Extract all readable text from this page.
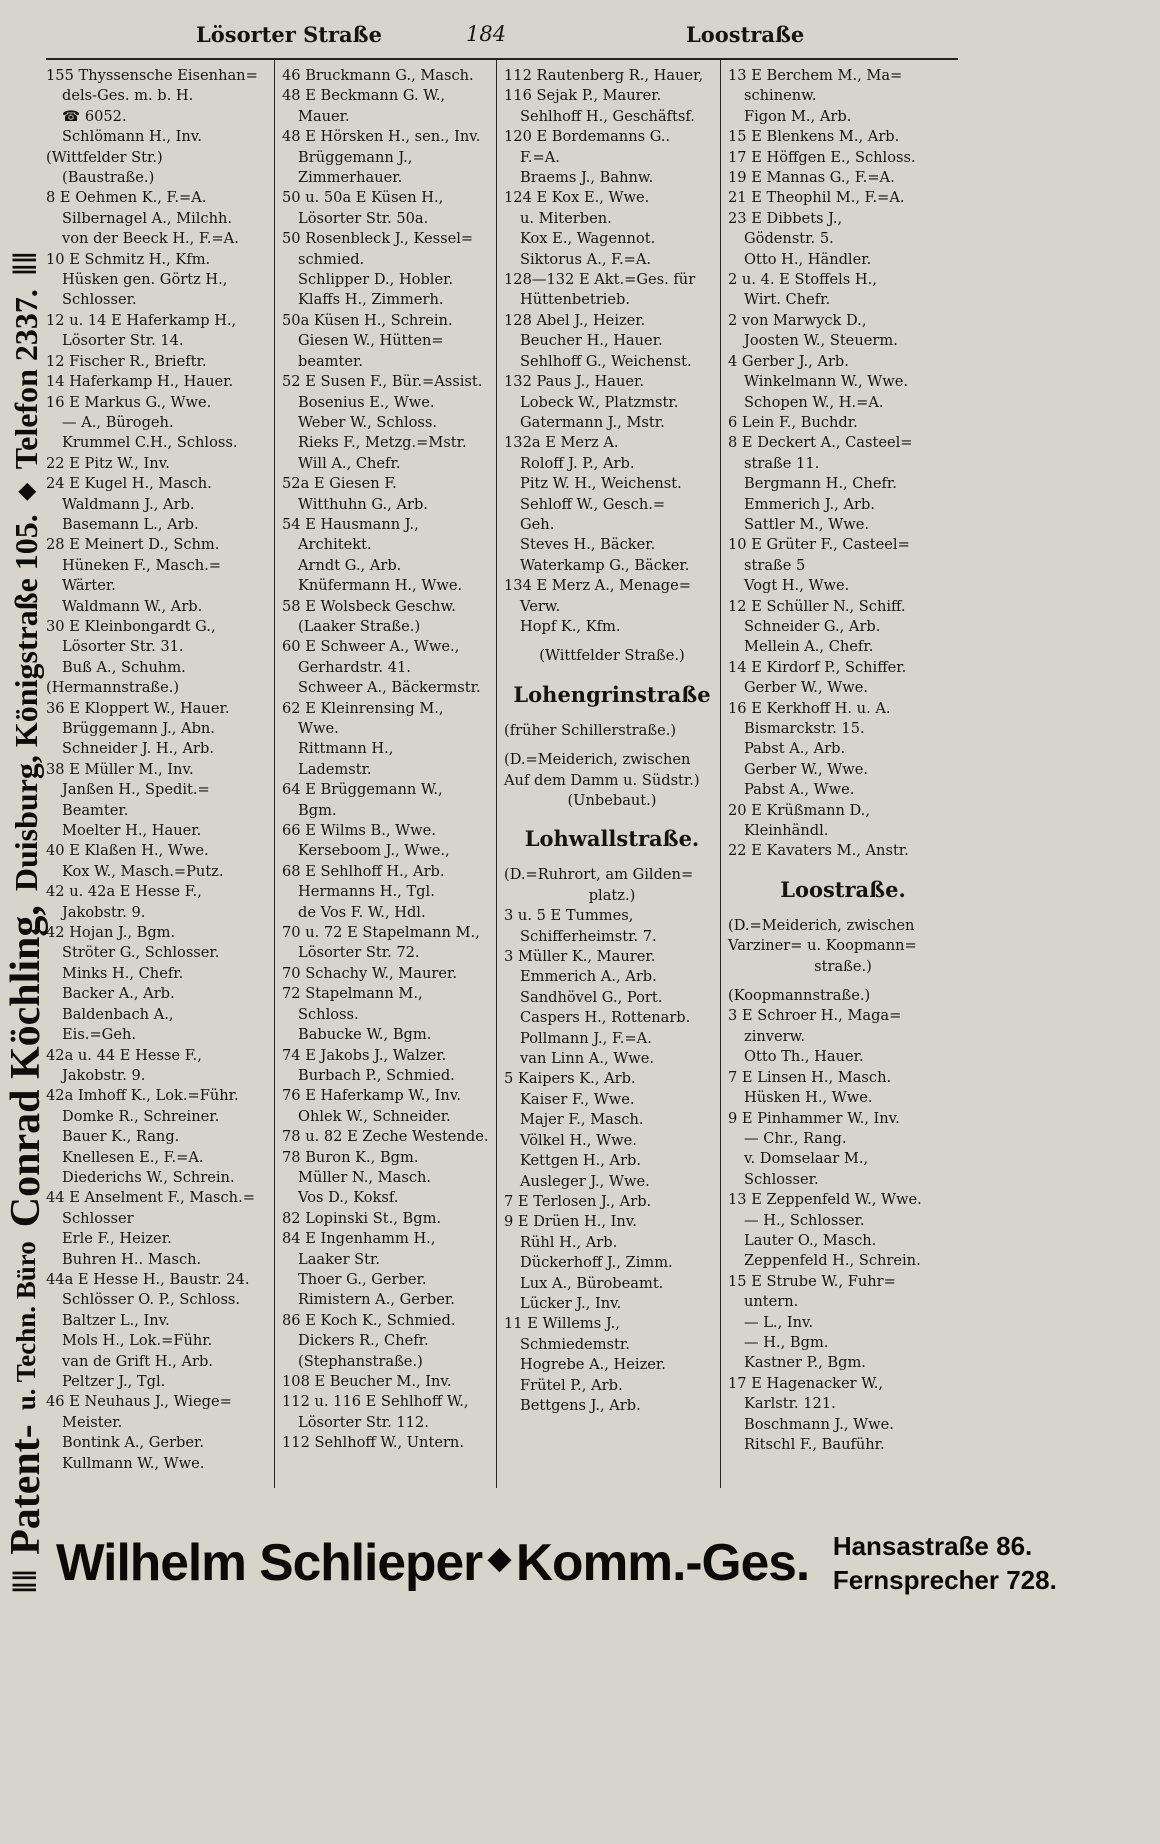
‖‖
Patent-
u. Techn. Büro
Conrad Köchling,
Duisburg, Königstraße 105.
◆
Telefon 2337.
‖‖
Lösorter Straße	184	Loostraße
155 Thyssensche Eisenhan=
dels-Ges. m. b. H.
☎ 6052.
Schlömann H., Inv.
(Wittfelder Str.)
(Baustraße.)
8 E Oehmen K., F.=A.
Silbernagel A., Milchh.
von der Beeck H., F.=A.
10 E Schmitz H., Kfm.
Hüsken gen. Görtz H.,
Schlosser.
12 u. 14 E Haferkamp H.,
Lösorter Str. 14.
12 Fischer R., Brieftr.
14 Haferkamp H., Hauer.
16 E Markus G., Wwe.
— A., Bürogeh.
Krummel C.H., Schloss.
22 E Pitz W., Inv.
24 E Kugel H., Masch.
Waldmann J., Arb.
Basemann L., Arb.
28 E Meinert D., Schm.
Hüneken F., Masch.=
Wärter.
Waldmann W., Arb.
30 E Kleinbongardt G.,
Lösorter Str. 31.
Buß A., Schuhm.
(Hermannstraße.)
36 E Kloppert W., Hauer.
Brüggemann J., Abn.
Schneider J. H., Arb.
38 E Müller M., Inv.
Janßen H., Spedit.=
Beamter.
Moelter H., Hauer.
40 E Klaßen H., Wwe.
Kox W., Masch.=Putz.
42 u. 42a E Hesse F.,
Jakobstr. 9.
42 Hojan J., Bgm.
Ströter G., Schlosser.
Minks H., Chefr.
Backer A., Arb.
Baldenbach A.,
Eis.=Geh.
42a u. 44 E Hesse F.,
Jakobstr. 9.
42a Imhoff K., Lok.=Führ.
Domke R., Schreiner.
Bauer K., Rang.
Knellesen E., F.=A.
Diederichs W., Schrein.
44 E Anselment F., Masch.=
Schlosser
Erle F., Heizer.
Buhren H.. Masch.
44a E Hesse H., Baustr. 24.
Schlösser O. P., Schloss.
Baltzer L., Inv.
Mols H., Lok.=Führ.
van de Grift H., Arb.
Peltzer J., Tgl.
46 E Neuhaus J., Wiege=
Meister.
Bontink A., Gerber.
Kullmann W., Wwe.
46 Bruckmann G., Masch.
48 E Beckmann G. W.,
Mauer.
48 E Hörsken H., sen., Inv.
Brüggemann J.,
Zimmerhauer.
50 u. 50a E Küsen H.,
Lösorter Str. 50a.
50 Rosenbleck J., Kessel=
schmied.
Schlipper D., Hobler.
Klaffs H., Zimmerh.
50a Küsen H., Schrein.
Giesen W., Hütten=
beamter.
52 E Susen F., Bür.=Assist.
Bosenius E., Wwe.
Weber W., Schloss.
Rieks F., Metzg.=Mstr.
Will A., Chefr.
52a E Giesen F.
Witthuhn G., Arb.
54 E Hausmann J.,
Architekt.
Arndt G., Arb.
Knüfermann H., Wwe.
58 E Wolsbeck Geschw.
(Laaker Straße.)
60 E Schweer A., Wwe.,
Gerhardstr. 41.
Schweer A., Bäckermstr.
62 E Kleinrensing M.,
Wwe.
Rittmann H.,
Lademstr.
64 E Brüggemann W.,
Bgm.
66 E Wilms B., Wwe.
Kerseboom J., Wwe.,
68 E Sehlhoff H., Arb.
Hermanns H., Tgl.
de Vos F. W., Hdl.
70 u. 72 E Stapelmann M.,
Lösorter Str. 72.
70 Schachy W., Maurer.
72 Stapelmann M.,
Schloss.
Babucke W., Bgm.
74 E Jakobs J., Walzer.
Burbach P., Schmied.
76 E Haferkamp W., Inv.
Ohlek W., Schneider.
78 u. 82 E Zeche Westende.
78 Buron K., Bgm.
Müller N., Masch.
Vos D., Koksf.
82 Lopinski St., Bgm.
84 E Ingenhamm H.,
Laaker Str.
Thoer G., Gerber.
Rimistern A., Gerber.
86 E Koch K., Schmied.
Dickers R., Chefr.
(Stephanstraße.)
108 E Beucher M., Inv.
112 u. 116 E Sehlhoff W.,
Lösorter Str. 112.
112 Sehlhoff W., Untern.
112 Rautenberg R., Hauer,
116 Sejak P., Maurer.
Sehlhoff H., Geschäftsf.
120 E Bordemanns G..
F.=A.
Braems J., Bahnw.
124 E Kox E., Wwe.
u. Miterben.
Kox E., Wagennot.
Siktorus A., F.=A.
128—132 E Akt.=Ges. für
Hüttenbetrieb.
128 Abel J., Heizer.
Beucher H., Hauer.
Sehlhoff G., Weichenst.
132 Paus J., Hauer.
Lobeck W., Platzmstr.
Gatermann J., Mstr.
132a E Merz A.
Roloff J. P., Arb.
Pitz W. H., Weichenst.
Sehloff W., Gesch.=
Geh.
Steves H., Bäcker.
Waterkamp G., Bäcker.
134 E Merz A., Menage=
Verw.
Hopf K., Kfm.
(Wittfelder Straße.)
Lohengrinstraße
(früher Schillerstraße.)
(D.=Meiderich, zwischen
Auf dem Damm u. Südstr.)
(Unbebaut.)
Lohwallstraße.
(D.=Ruhrort, am Gilden=
platz.)
3 u. 5 E Tummes,
Schifferheimstr. 7.
3 Müller K., Maurer.
Emmerich A., Arb.
Sandhövel G., Port.
Caspers H., Rottenarb.
Pollmann J., F.=A.
van Linn A., Wwe.
5 Kaipers K., Arb.
Kaiser F., Wwe.
Majer F., Masch.
Völkel H., Wwe.
Kettgen H., Arb.
Ausleger J., Wwe.
7 E Terlosen J., Arb.
9 E Drüen H., Inv.
Rühl H., Arb.
Dückerhoff J., Zimm.
Lux A., Bürobeamt.
Lücker J., Inv.
11 E Willems J.,
Schmiedemstr.
Hogrebe A., Heizer.
Frütel P., Arb.
Bettgens J., Arb.
13 E Berchem M., Ma=
schinenw.
Figon M., Arb.
15 E Blenkens M., Arb.
17 E Höffgen E., Schloss.
19 E Mannas G., F.=A.
21 E Theophil M., F.=A.
23 E Dibbets J.,
Gödenstr. 5.
Otto H., Händler.
2 u. 4. E Stoffels H.,
Wirt. Chefr.
2 von Marwyck D.,
Joosten W., Steuerm.
4 Gerber J., Arb.
Winkelmann W., Wwe.
Schopen W., H.=A.
6 Lein F., Buchdr.
8 E Deckert A., Casteel=
straße 11.
Bergmann H., Chefr.
Emmerich J., Arb.
Sattler M., Wwe.
10 E Grüter F., Casteel=
straße 5
Vogt H., Wwe.
12 E Schüller N., Schiff.
Schneider G., Arb.
Mellein A., Chefr.
14 E Kirdorf P., Schiffer.
Gerber W., Wwe.
16 E Kerkhoff H. u. A.
Bismarckstr. 15.
Pabst A., Arb.
Gerber W., Wwe.
Pabst A., Wwe.
20 E Krüßmann D.,
Kleinhändl.
22 E Kavaters M., Anstr.
Loostraße.
(D.=Meiderich, zwischen
Varziner= u. Koopmann=
straße.)
(Koopmannstraße.)
3 E Schroer H., Maga=
zinverw.
Otto Th., Hauer.
7 E Linsen H., Masch.
Hüsken H., Wwe.
9 E Pinhammer W., Inv.
— Chr., Rang.
v. Domselaar M.,
Schlosser.
13 E Zeppenfeld W., Wwe.
— H., Schlosser.
Lauter O., Masch.
Zeppenfeld H., Schrein.
15 E Strube W., Fuhr=
untern.
— L., Inv.
— H., Bgm.
Kastner P., Bgm.
17 E Hagenacker W.,
Karlstr. 121.
Boschmann J., Wwe.
Ritschl F., Bauführ.
Wilhelm Schlieper ◆ Komm.-Ges. Hansastraße 86.
Fernsprecher 728.
